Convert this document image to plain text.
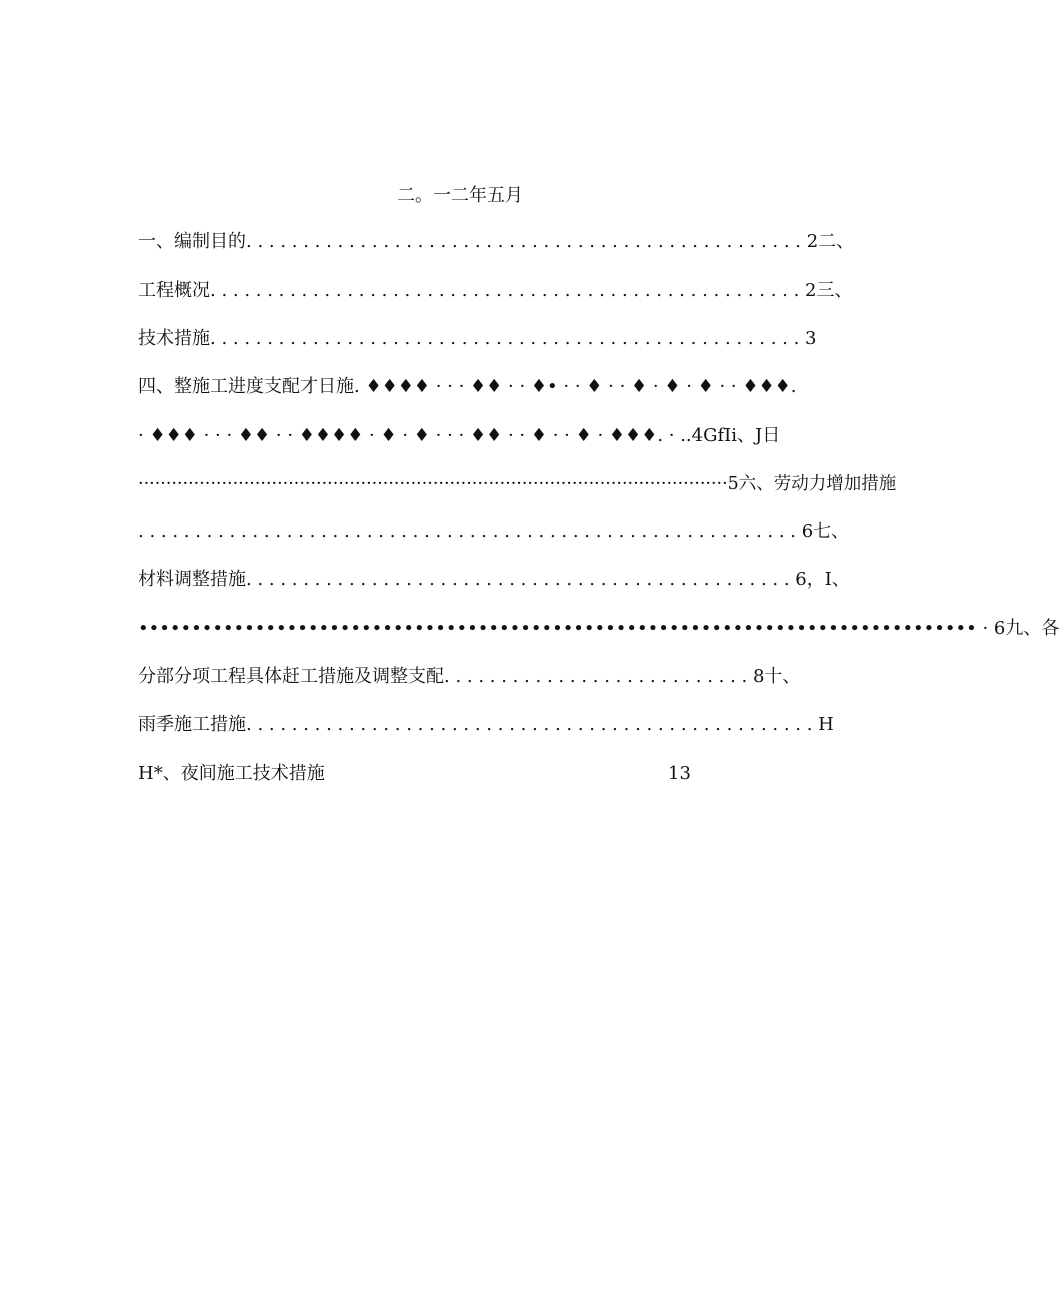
二。一二年五月
一、编制目的. . . . . . . . . . . . . . . . . . . . . . . . . . . . . . . . . . . . . . . . . . . . . . . . . 2二、
工程概况. . . . . . . . . . . . . . . . . . . . . . . . . . . . . . . . . . . . . . . . . . . . . . . . . . . . 2三、
技术措施. . . . . . . . . . . . . . . . . . . . . . . . . . . . . . . . . . . . . . . . . . . . . . . . . . . . 3
四、整施工进度支配才日施. ♦♦♦♦ · · · ♦♦ · · ♦• · · ♦ · · ♦ · ♦ · ♦ · · ♦♦♦.
· ♦♦♦ · · · ♦♦ · · ♦♦♦♦ · ♦ · ♦ · · · ♦♦ · · ♦ · · ♦ · ♦♦♦. · ..4GfIi、J日
··········································································································5六、劳动力增加措施
. . . . . . . . . . . . . . . . . . . . . . . . . . . . . . . . . . . . . . . . . . . . . . . . . . . . . . . . . . 6七、
材料调整措施. . . . . . . . . . . . . . . . . . . . . . . . . . . . . . . . . . . . . . . . . . . . . . . . 6，I、
••••••••••••••••••••••••••••••••••••••••••••••••••••••••••••••••••••••••••••••• · 6九、各
分部分项工程具体赶工措施及调整支配. . . . . . . . . . . . . . . . . . . . . . . . . . . 8十、
雨季施工措施. . . . . . . . . . . . . . . . . . . . . . . . . . . . . . . . . . . . . . . . . . . . . . . . . . H
H*、夜间施工技术措施                                                            13
